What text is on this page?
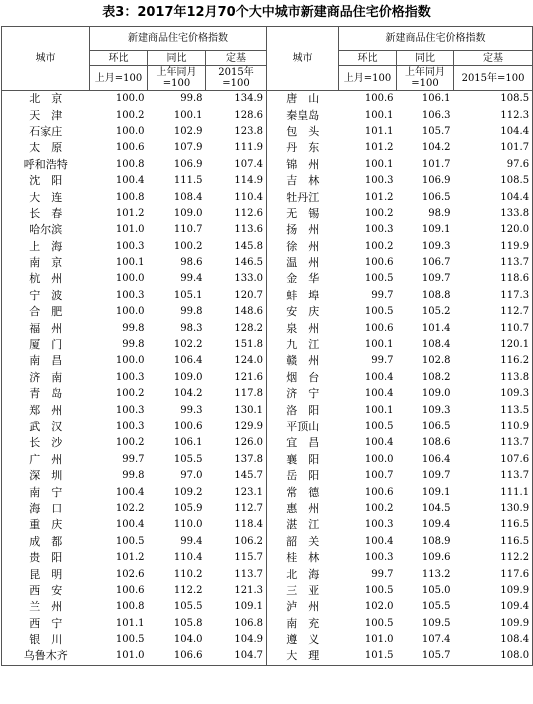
表3：2017年12月70个大中城市新建商品住宅价格指数
城市	新建商品住宅价格指数			城市	新建商品住宅价格指数		
	环比	同比	定基		环比	同比	定基
	上月=100	上年同月=100	2015年=100		上月=100	上年同月=100	2015年=100
北　京	100.0	99.8	134.9	唐　山	100.6	106.1	108.5
天　津	100.2	100.1	128.6	秦皇岛	100.1	106.3	112.3
石家庄	100.0	102.9	123.8	包　头	101.1	105.7	104.4
太　原	100.6	107.9	111.9	丹　东	101.2	104.2	101.7
呼和浩特	100.8	106.9	107.4	锦　州	100.1	101.7	97.6
沈　阳	100.4	111.5	114.9	吉　林	100.3	106.9	108.5
大　连	100.8	108.4	110.4	牡丹江	101.2	106.5	104.4
长　春	101.2	109.0	112.6	无　锡	100.2	98.9	133.8
哈尔滨	101.0	110.7	113.6	扬　州	100.3	109.1	120.0
上　海	100.3	100.2	145.8	徐　州	100.2	109.3	119.9
南　京	100.1	98.6	146.5	温　州	100.6	106.7	113.7
杭　州	100.0	99.4	133.0	金　华	100.5	109.7	118.6
宁　波	100.3	105.1	120.7	蚌　埠	99.7	108.8	117.3
合　肥	100.0	99.8	148.6	安　庆	100.5	105.2	112.7
福　州	99.8	98.3	128.2	泉　州	100.6	101.4	110.7
厦　门	99.8	102.2	151.8	九　江	100.1	108.4	120.1
南　昌	100.0	106.4	124.0	赣　州	99.7	102.8	116.2
济　南	100.3	109.0	121.6	烟　台	100.4	108.2	113.8
青　岛	100.2	104.2	117.8	济　宁	100.4	109.0	109.3
郑　州	100.3	99.3	130.1	洛　阳	100.1	109.3	113.5
武　汉	100.3	100.6	129.9	平顶山	100.5	106.5	110.9
长　沙	100.2	106.1	126.0	宜　昌	100.4	108.6	113.7
广　州	99.7	105.5	137.8	襄　阳	100.0	106.4	107.6
深　圳	99.8	97.0	145.7	岳　阳	100.7	109.7	113.7
南　宁	100.4	109.2	123.1	常　德	100.6	109.1	111.1
海　口	102.2	105.9	112.7	惠　州	100.2	104.5	130.9
重　庆	100.4	110.0	118.4	湛　江	100.3	109.4	116.5
成　都	100.5	99.4	106.2	韶　关	100.4	108.9	116.5
贵　阳	101.2	110.4	115.7	桂　林	100.3	109.6	112.2
昆　明	102.6	110.2	113.7	北　海	99.7	113.2	117.6
西　安	100.6	112.2	121.3	三　亚	100.5	105.0	109.9
兰　州	100.8	105.5	109.1	泸　州	102.0	105.5	109.4
西　宁	101.1	105.8	106.8	南　充	100.5	109.5	109.9
银　川	100.5	104.0	104.9	遵　义	101.0	107.4	108.4
乌鲁木齐	101.0	106.6	104.7	大　理	101.5	105.7	108.0
